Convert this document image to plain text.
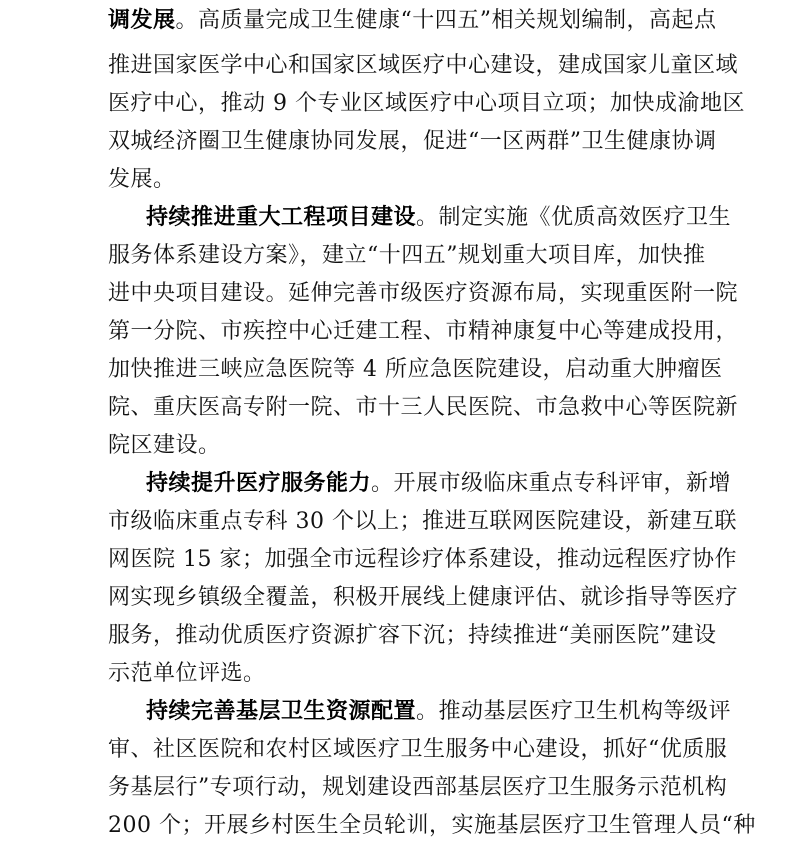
调发展。高质量完成卫生健康“十四五”相关规划编制，高起点
推进国家医学中心和国家区域医疗中心建设，建成国家儿童区域
医疗中心，推动 9 个专业区域医疗中心项目立项；加快成渝地区
双城经济圈卫生健康协同发展，促进“一区两群”卫生健康协调
发展。
持续推进重大工程项目建设。制定实施《优质高效医疗卫生
服务体系建设方案》，建立“十四五”规划重大项目库，加快推
进中央项目建设。延伸完善市级医疗资源布局，实现重医附一院
第一分院、市疾控中心迁建工程、市精神康复中心等建成投用，
加快推进三峡应急医院等 4 所应急医院建设，启动重大肿瘤医
院、重庆医高专附一院、市十三人民医院、市急救中心等医院新
院区建设。
持续提升医疗服务能力。开展市级临床重点专科评审，新增
市级临床重点专科 30 个以上；推进互联网医院建设，新建互联
网医院 15 家；加强全市远程诊疗体系建设，推动远程医疗协作
网实现乡镇级全覆盖，积极开展线上健康评估、就诊指导等医疗
服务，推动优质医疗资源扩容下沉；持续推进“美丽医院”建设
示范单位评选。
持续完善基层卫生资源配置。推动基层医疗卫生机构等级评
审、社区医院和农村区域医疗卫生服务中心建设，抓好“优质服
务基层行”专项行动，规划建设西部基层医疗卫生服务示范机构
200 个；开展乡村医生全员轮训，实施基层医疗卫生管理人员“种
